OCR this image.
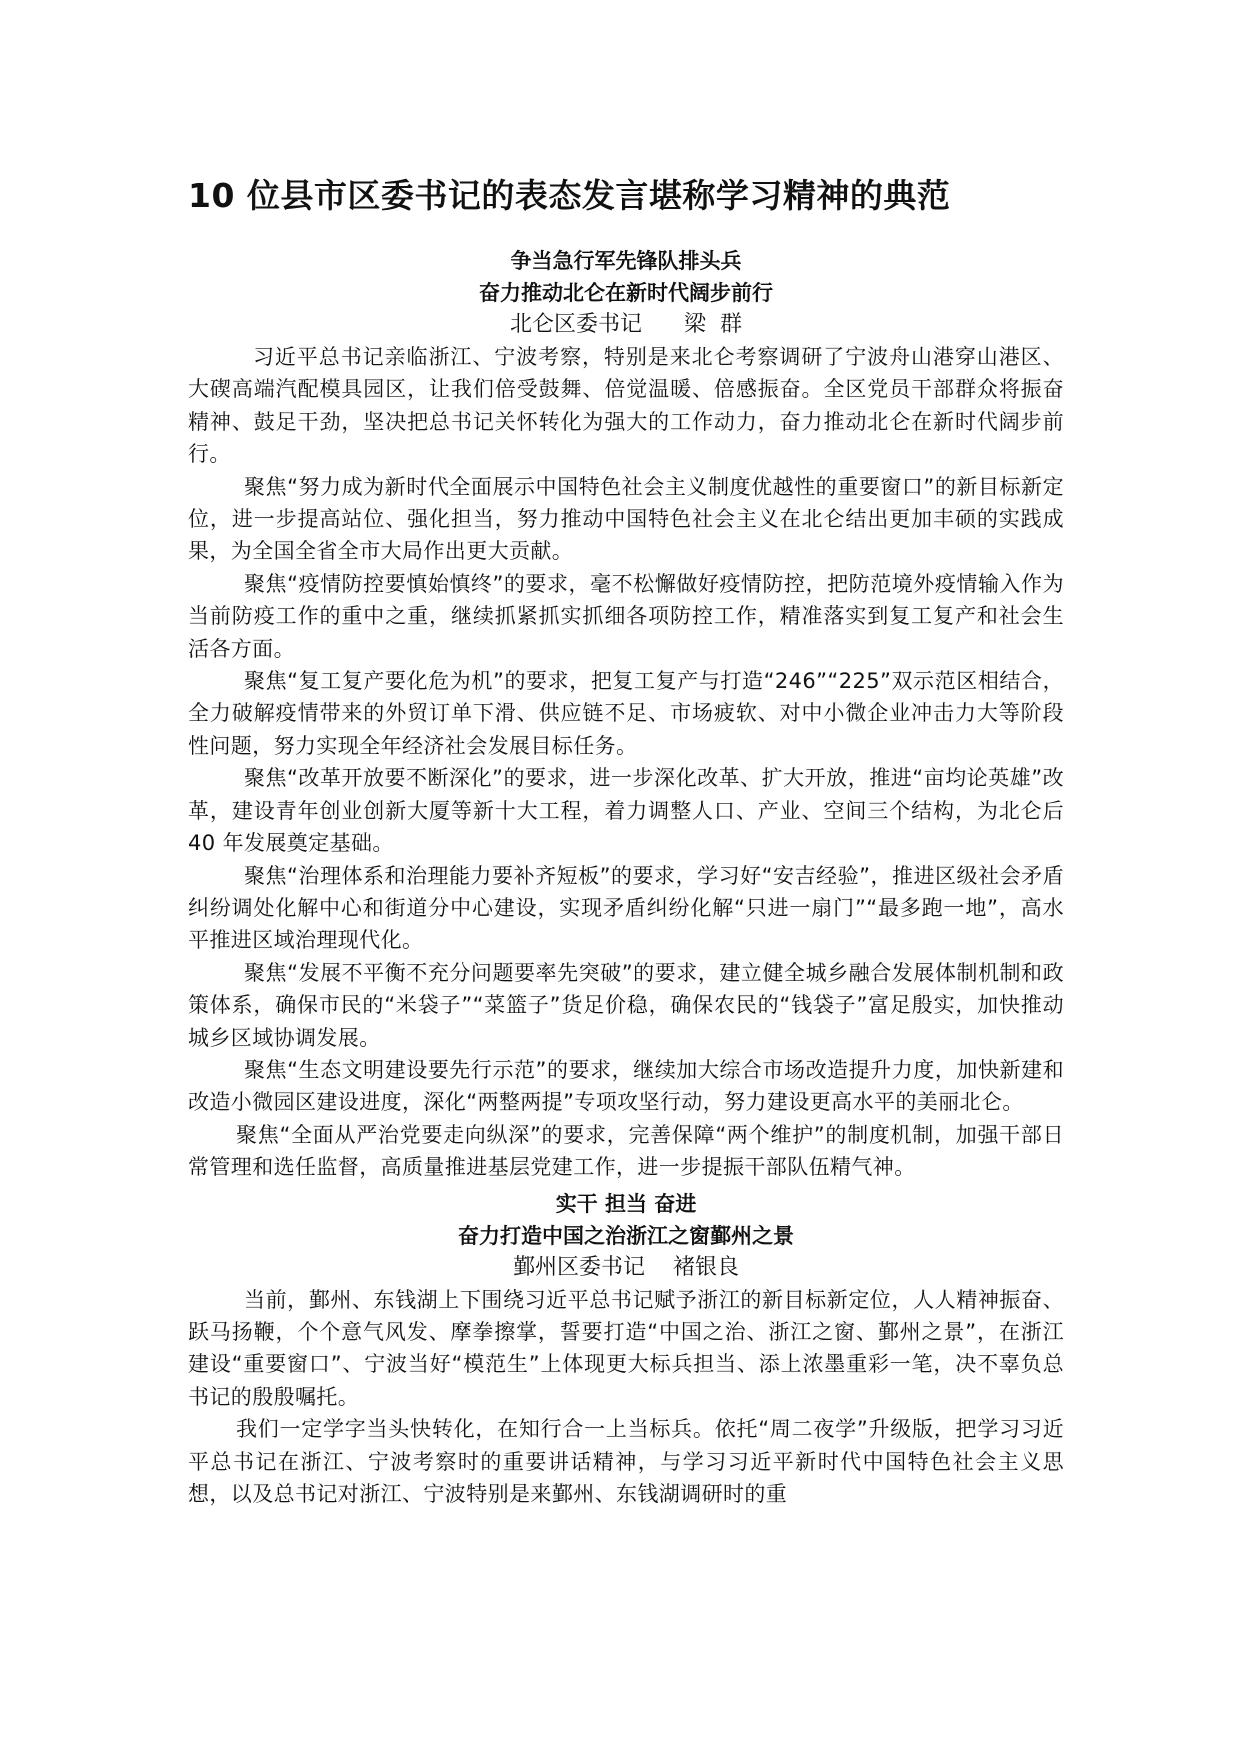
10 位县市区委书记的表态发言堪称学习精神的典范
争当急行军先锋队排头兵
奋力推动北仑在新时代阔步前行
北仑区委书记      梁  群

习近平总书记亲临浙江、宁波考察，特别是来北仑考察调研了宁波舟山港穿山港区、大碶高端汽配模具园区，让我们倍受鼓舞、倍觉温暖、倍感振奋。全区党员干部群众将振奋精神、鼓足干劲，坚决把总书记关怀转化为强大的工作动力，奋力推动北仑在新时代阔步前行。

聚焦“努力成为新时代全面展示中国特色社会主义制度优越性的重要窗口”的新目标新定位，进一步提高站位、强化担当，努力推动中国特色社会主义在北仑结出更加丰硕的实践成果，为全国全省全市大局作出更大贡献。

聚焦“疫情防控要慎始慎终”的要求，毫不松懈做好疫情防控，把防范境外疫情输入作为当前防疫工作的重中之重，继续抓紧抓实抓细各项防控工作，精准落实到复工复产和社会生活各方面。

聚焦“复工复产要化危为机”的要求，把复工复产与打造“246”“225”双示范区相结合，全力破解疫情带来的外贸订单下滑、供应链不足、市场疲软、对中小微企业冲击力大等阶段性问题，努力实现全年经济社会发展目标任务。

聚焦“改革开放要不断深化”的要求，进一步深化改革、扩大开放，推进“亩均论英雄”改革，建设青年创业创新大厦等新十大工程，着力调整人口、产业、空间三个结构，为北仑后 40 年发展奠定基础。

聚焦“治理体系和治理能力要补齐短板”的要求，学习好“安吉经验”，推进区级社会矛盾纠纷调处化解中心和街道分中心建设，实现矛盾纠纷化解“只进一扇门”“最多跑一地”，高水平推进区域治理现代化。

聚焦“发展不平衡不充分问题要率先突破”的要求，建立健全城乡融合发展体制机制和政策体系，确保市民的“米袋子”“菜篮子”货足价稳，确保农民的“钱袋子”富足殷实，加快推动城乡区域协调发展。

聚焦“生态文明建设要先行示范”的要求，继续加大综合市场改造提升力度，加快新建和改造小微园区建设进度，深化“两整两提”专项攻坚行动，努力建设更高水平的美丽北仑。

聚焦“全面从严治党要走向纵深”的要求，完善保障“两个维护”的制度机制，加强干部日常管理和选任监督，高质量推进基层党建工作，进一步提振干部队伍精气神。

实干 担当 奋进
奋力打造中国之治浙江之窗鄞州之景
鄞州区委书记    褚银良

当前，鄞州、东钱湖上下围绕习近平总书记赋予浙江的新目标新定位，人人精神振奋、跃马扬鞭，个个意气风发、摩拳擦掌，誓要打造“中国之治、浙江之窗、鄞州之景”，在浙江建设“重要窗口”、宁波当好“模范生”上体现更大标兵担当、添上浓墨重彩一笔，决不辜负总书记的殷殷嘱托。

我们一定学字当头快转化，在知行合一上当标兵。依托“周二夜学”升级版，把学习习近平总书记在浙江、宁波考察时的重要讲话精神，与学习习近平新时代中国特色社会主义思想，以及总书记对浙江、宁波特别是来鄞州、东钱湖调研时的重
